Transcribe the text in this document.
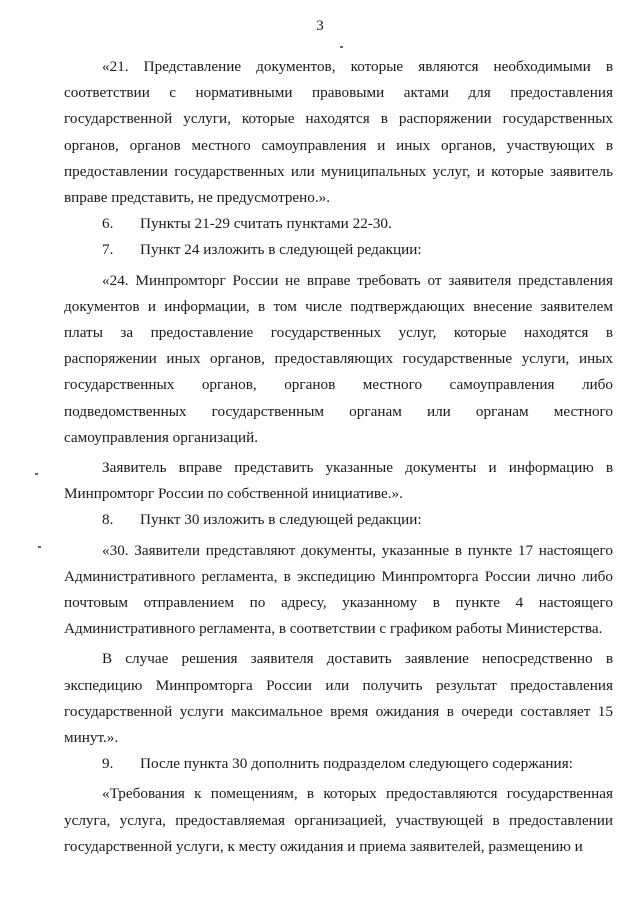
3

«21. Представление документов, которые являются необходимыми в соответствии с нормативными правовыми актами для предоставления государственной услуги, которые находятся в распоряжении государственных органов, органов местного самоуправления и иных органов, участвующих в предоставлении государственных или муниципальных услуг, и которые заявитель вправе представить, не предусмотрено.».

6. Пункты 21-29 считать пунктами 22-30.

7. Пункт 24 изложить в следующей редакции:

«24. Минпромторг России не вправе требовать от заявителя представления документов и информации, в том числе подтверждающих внесение заявителем платы за предоставление государственных услуг, которые находятся в распоряжении иных органов, предоставляющих государственные услуги, иных государственных органов, органов местного самоуправления либо подведомственных государственным органам или органам местного самоуправления организаций.

Заявитель вправе представить указанные документы и информацию в Минпромторг России по собственной инициативе.».

8. Пункт 30 изложить в следующей редакции:

«30. Заявители представляют документы, указанные в пункте 17 настоящего Административного регламента, в экспедицию Минпромторга России лично либо почтовым отправлением по адресу, указанному в пункте 4 настоящего Административного регламента, в соответствии с графиком работы Министерства.

В случае решения заявителя доставить заявление непосредственно в экспедицию Минпромторга России или получить результат предоставления государственной услуги максимальное время ожидания в очереди составляет 15 минут.».

9. После пункта 30 дополнить подразделом следующего содержания:

«Требования к помещениям, в которых предоставляются государственная услуга, услуга, предоставляемая организацией, участвующей в предоставлении государственной услуги, к месту ожидания и приема заявителей, размещению и
